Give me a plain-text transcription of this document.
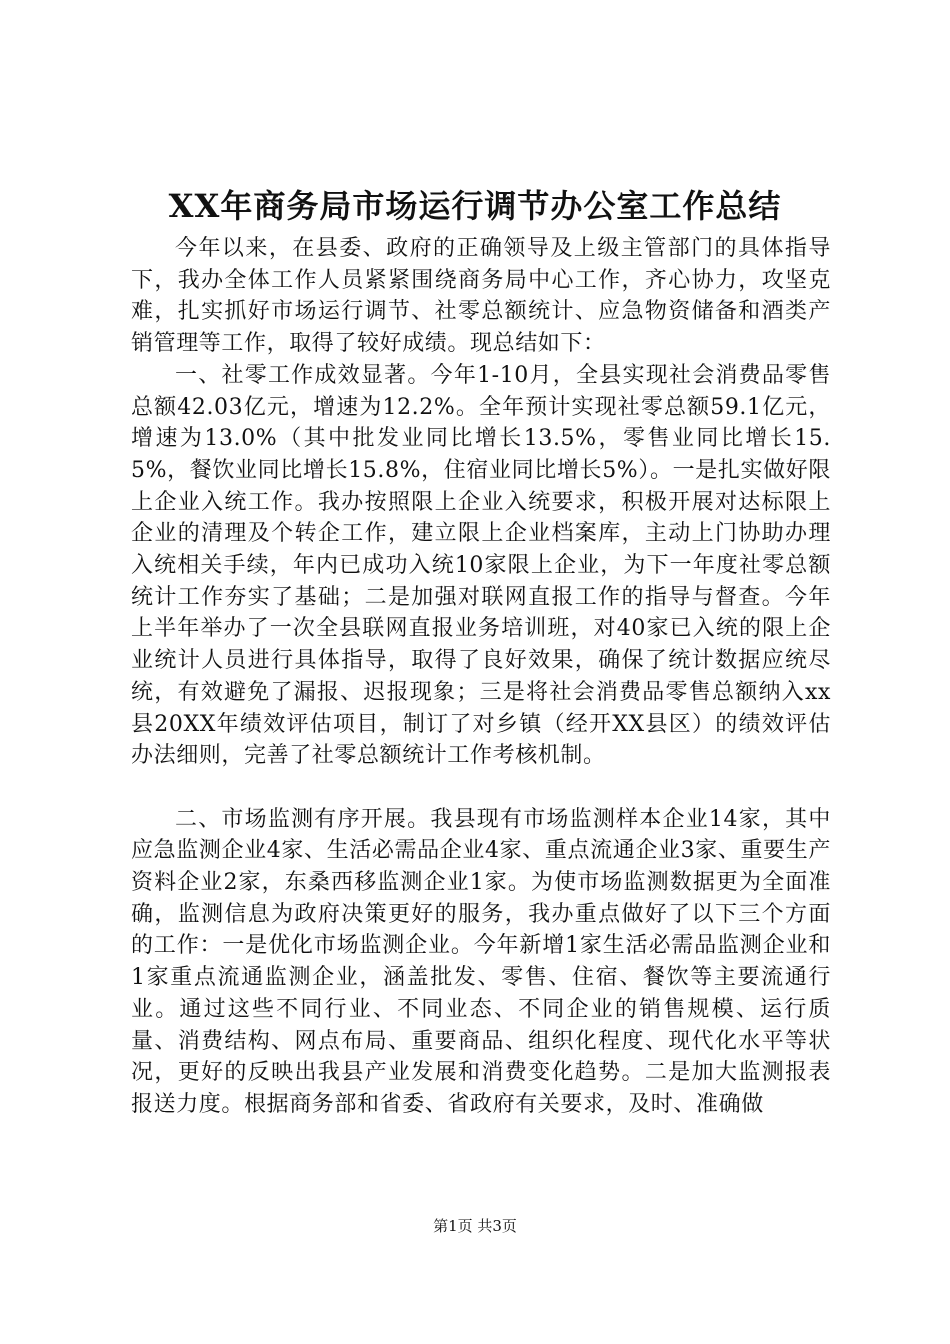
XX年商务局市场运行调节办公室工作总结

今年以来，在县委、政府的正确领导及上级主管部门的具体指导下，我办全体工作人员紧紧围绕商务局中心工作，齐心协力，攻坚克难，扎实抓好市场运行调节、社零总额统计、应急物资储备和酒类产销管理等工作，取得了较好成绩。现总结如下：

一、社零工作成效显著。今年1-10月，全县实现社会消费品零售总额42.03亿元，增速为12.2%。全年预计实现社零总额59.1亿元，增速为13.0%（其中批发业同比增长13.5%，零售业同比增长15.5%，餐饮业同比增长15.8%，住宿业同比增长5%）。一是扎实做好限上企业入统工作。我办按照限上企业入统要求，积极开展对达标限上企业的清理及个转企工作，建立限上企业档案库，主动上门协助办理入统相关手续，年内已成功入统10家限上企业，为下一年度社零总额统计工作夯实了基础；二是加强对联网直报工作的指导与督查。今年上半年举办了一次全县联网直报业务培训班，对40家已入统的限上企业统计人员进行具体指导，取得了良好效果，确保了统计数据应统尽统，有效避免了漏报、迟报现象；三是将社会消费品零售总额纳入xx县20XX年绩效评估项目，制订了对乡镇（经开XX县区）的绩效评估办法细则，完善了社零总额统计工作考核机制。

二、市场监测有序开展。我县现有市场监测样本企业14家，其中应急监测企业4家、生活必需品企业4家、重点流通企业3家、重要生产资料企业2家，东桑西移监测企业1家。为使市场监测数据更为全面准确，监测信息为政府决策更好的服务，我办重点做好了以下三个方面的工作：一是优化市场监测企业。今年新增1家生活必需品监测企业和1家重点流通监测企业，涵盖批发、零售、住宿、餐饮等主要流通行业。通过这些不同行业、不同业态、不同企业的销售规模、运行质量、消费结构、网点布局、重要商品、组织化程度、现代化水平等状况，更好的反映出我县产业发展和消费变化趋势。二是加大监测报表报送力度。根据商务部和省委、省政府有关要求，及时、准确做

第1页 共3页
